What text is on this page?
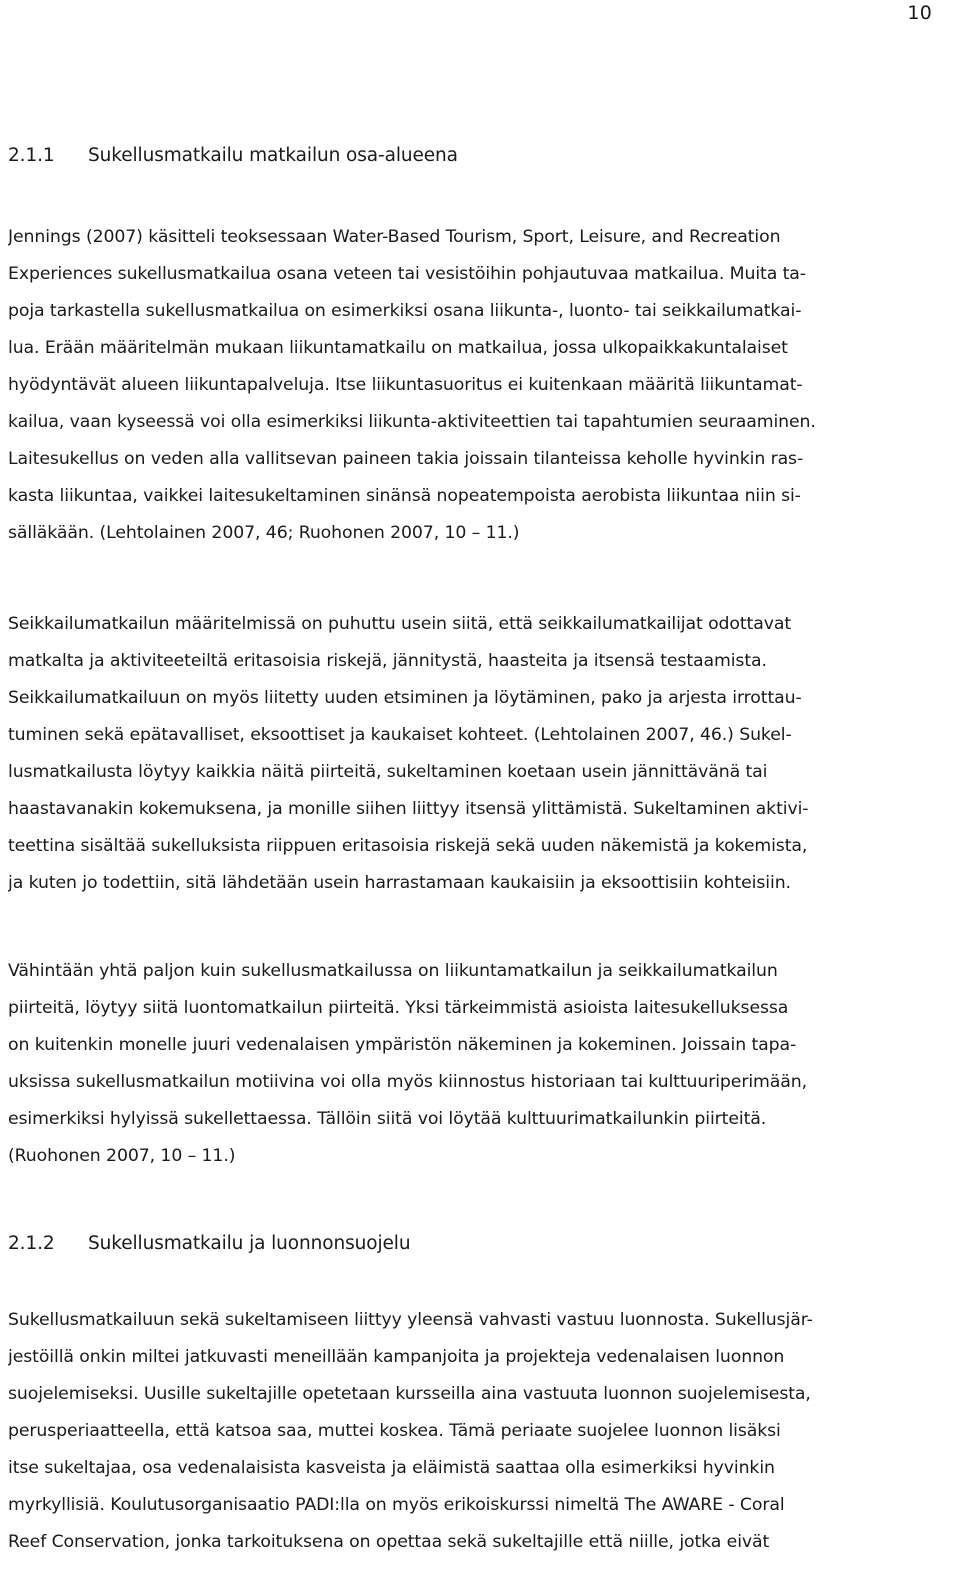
10
2.1.1 Sukellusmatkailu matkailun osa-alueena
Jennings (2007) käsitteli teoksessaan Water-Based Tourism, Sport, Leisure, and Recreation
Experiences sukellusmatkailua osana veteen tai vesistöihin pohjautuvaa matkailua. Muita ta-
poja tarkastella sukellusmatkailua on esimerkiksi osana liikunta-, luonto- tai seikkailumatkai-
lua. Erään määritelmän mukaan liikuntamatkailu on matkailua, jossa ulkopaikkakuntalaiset
hyödyntävät alueen liikuntapalveluja. Itse liikuntasuoritus ei kuitenkaan määritä liikuntamat-
kailua, vaan kyseessä voi olla esimerkiksi liikunta-aktiviteettien tai tapahtumien seuraaminen.
Laitesukellus on veden alla vallitsevan paineen takia joissain tilanteissa keholle hyvinkin ras-
kasta liikuntaa, vaikkei laitesukeltaminen sinänsä nopeatempoista aerobista liikuntaa niin si-
sälläkään. (Lehtolainen 2007, 46; Ruohonen 2007, 10 – 11.)
Seikkailumatkailun määritelmissä on puhuttu usein siitä, että seikkailumatkailijat odottavat
matkalta ja aktiviteeteiltä eritasoisia riskejä, jännitystä, haasteita ja itsensä testaamista.
Seikkailumatkailuun on myös liitetty uuden etsiminen ja löytäminen, pako ja arjesta irrottau-
tuminen sekä epätavalliset, eksoottiset ja kaukaiset kohteet. (Lehtolainen 2007, 46.) Sukel-
lusmatkailusta löytyy kaikkia näitä piirteitä, sukeltaminen koetaan usein jännittävänä tai
haastavanakin kokemuksena, ja monille siihen liittyy itsensä ylittämistä. Sukeltaminen aktivi-
teettina sisältää sukelluksista riippuen eritasoisia riskejä sekä uuden näkemistä ja kokemista,
ja kuten jo todettiin, sitä lähdetään usein harrastamaan kaukaisiin ja eksoottisiin kohteisiin.
Vähintään yhtä paljon kuin sukellusmatkailussa on liikuntamatkailun ja seikkailumatkailun
piirteitä, löytyy siitä luontomatkailun piirteitä. Yksi tärkeimmistä asioista laitesukelluksessa
on kuitenkin monelle juuri vedenalaisen ympäristön näkeminen ja kokeminen. Joissain tapa-
uksissa sukellusmatkailun motiivina voi olla myös kiinnostus historiaan tai kulttuuriperimään,
esimerkiksi hylyissä sukellettaessa. Tällöin siitä voi löytää kulttuurimatkailunkin piirteitä.
(Ruohonen 2007, 10 – 11.)
2.1.2 Sukellusmatkailu ja luonnonsuojelu
Sukellusmatkailuun sekä sukeltamiseen liittyy yleensä vahvasti vastuu luonnosta. Sukellusjär-
jestöillä onkin miltei jatkuvasti meneillään kampanjoita ja projekteja vedenalaisen luonnon
suojelemiseksi. Uusille sukeltajille opetetaan kursseilla aina vastuuta luonnon suojelemisesta,
perusperiaatteella, että katsoa saa, muttei koskea. Tämä periaate suojelee luonnon lisäksi
itse sukeltajaa, osa vedenalaisista kasveista ja eläimistä saattaa olla esimerkiksi hyvinkin
myrkyllisiä. Koulutusorganisaatio PADI:lla on myös erikoiskurssi nimeltä The AWARE - Coral
Reef Conservation, jonka tarkoituksena on opettaa sekä sukeltajille että niille, jotka eivät
